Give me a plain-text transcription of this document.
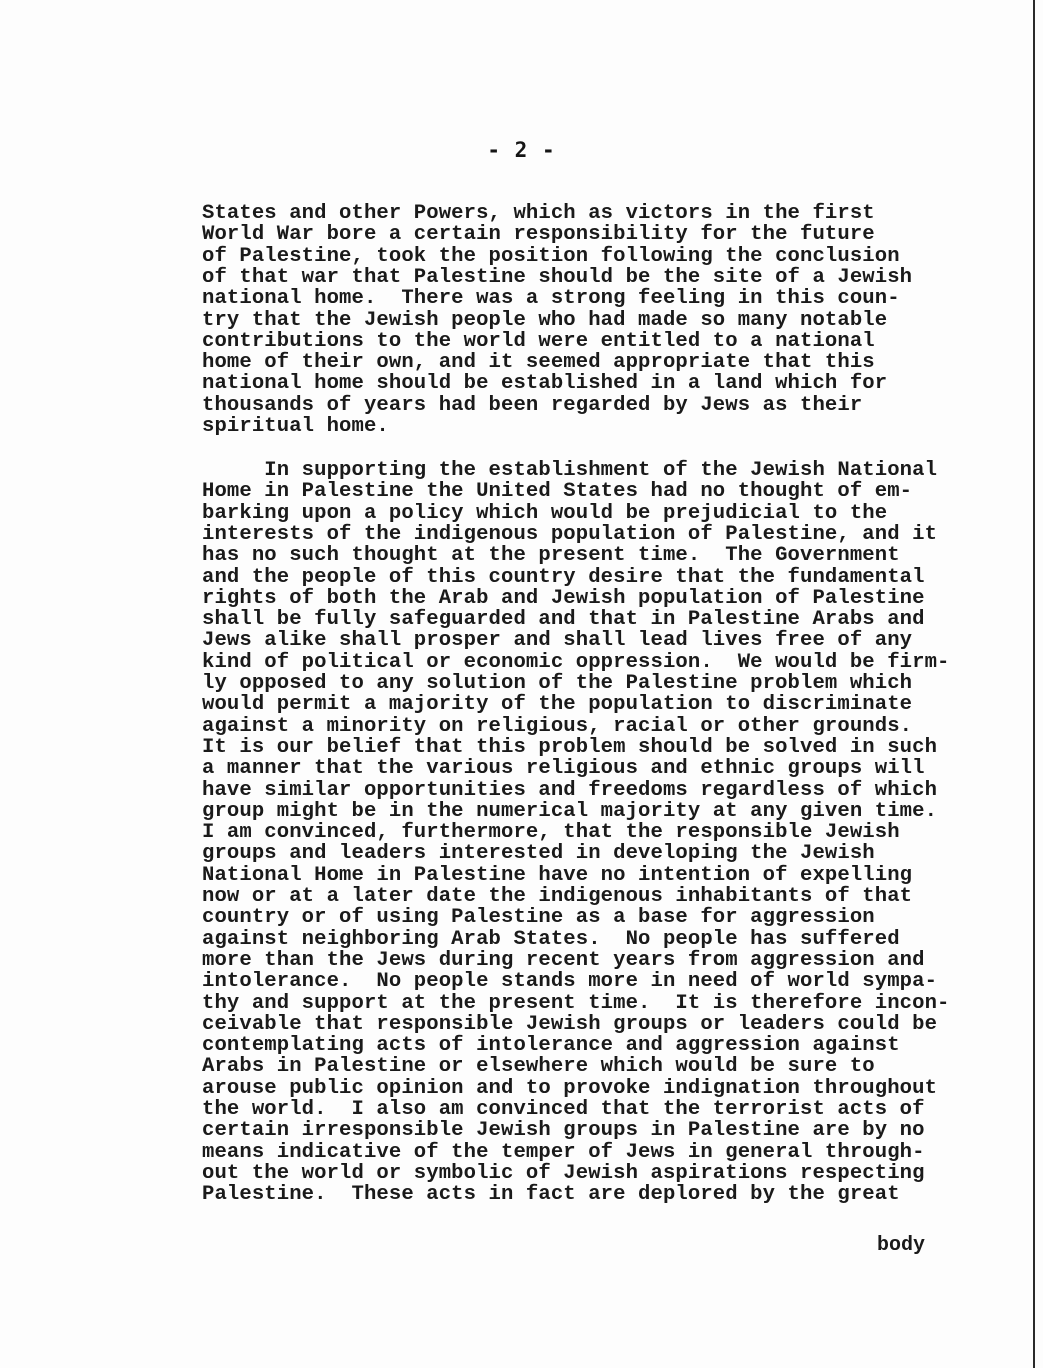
- 2 -
States and other Powers, which as victors in the first
World War bore a certain responsibility for the future
of Palestine, took the position following the conclusion
of that war that Palestine should be the site of a Jewish
national home.  There was a strong feeling in this coun-
try that the Jewish people who had made so many notable
contributions to the world were entitled to a national
home of their own, and it seemed appropriate that this
national home should be established in a land which for
thousands of years had been regarded by Jews as their
spiritual home.
In supporting the establishment of the Jewish National
Home in Palestine the United States had no thought of em-
barking upon a policy which would be prejudicial to the
interests of the indigenous population of Palestine, and it
has no such thought at the present time.  The Government
and the people of this country desire that the fundamental
rights of both the Arab and Jewish population of Palestine
shall be fully safeguarded and that in Palestine Arabs and
Jews alike shall prosper and shall lead lives free of any
kind of political or economic oppression.  We would be firm-
ly opposed to any solution of the Palestine problem which
would permit a majority of the population to discriminate
against a minority on religious, racial or other grounds.
It is our belief that this problem should be solved in such
a manner that the various religious and ethnic groups will
have similar opportunities and freedoms regardless of which
group might be in the numerical majority at any given time.
I am convinced, furthermore, that the responsible Jewish
groups and leaders interested in developing the Jewish
National Home in Palestine have no intention of expelling
now or at a later date the indigenous inhabitants of that
country or of using Palestine as a base for aggression
against neighboring Arab States.  No people has suffered
more than the Jews during recent years from aggression and
intolerance.  No people stands more in need of world sympa-
thy and support at the present time.  It is therefore incon-
ceivable that responsible Jewish groups or leaders could be
contemplating acts of intolerance and aggression against
Arabs in Palestine or elsewhere which would be sure to
arouse public opinion and to provoke indignation throughout
the world.  I also am convinced that the terrorist acts of
certain irresponsible Jewish groups in Palestine are by no
means indicative of the temper of Jews in general through-
out the world or symbolic of Jewish aspirations respecting
Palestine.  These acts in fact are deplored by the great
body
